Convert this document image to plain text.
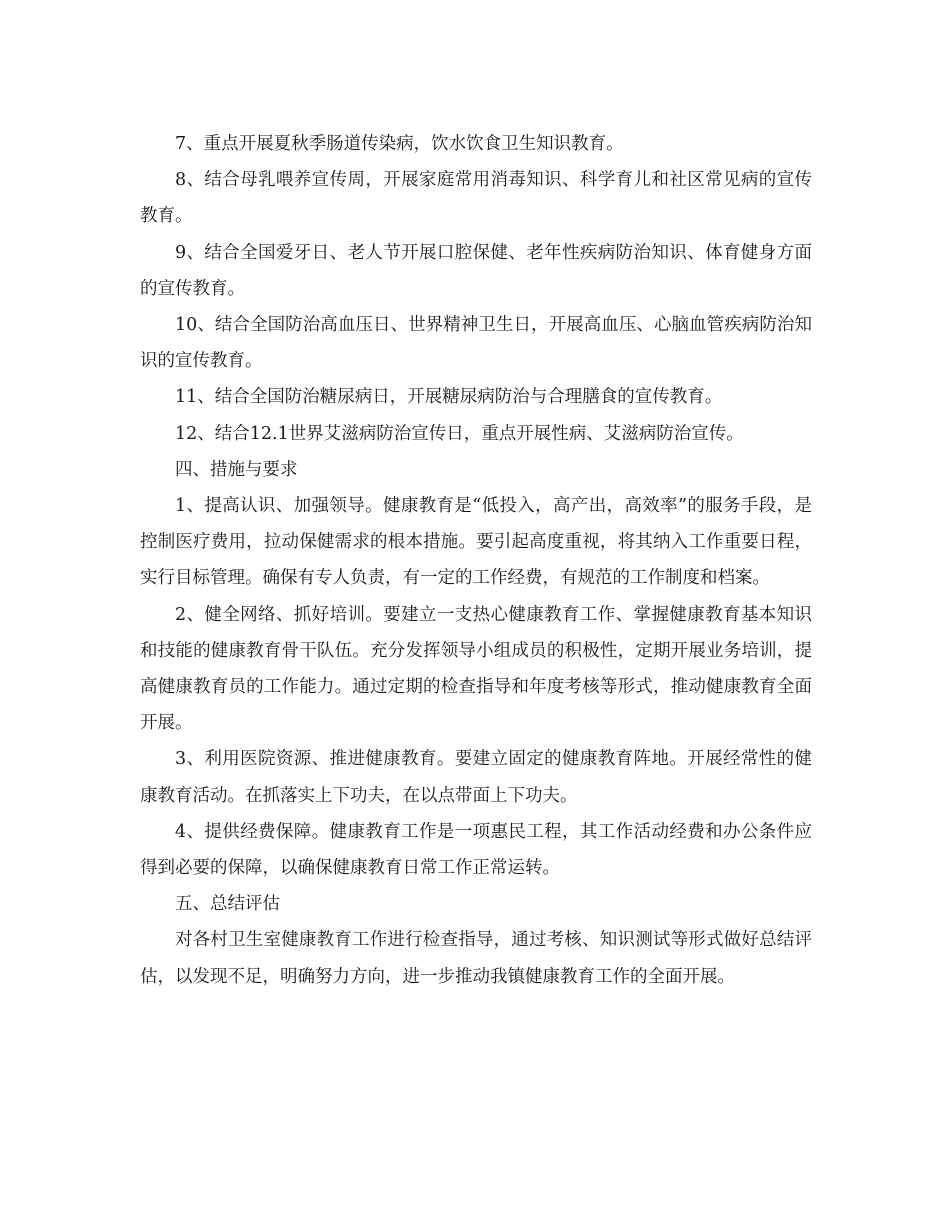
7、重点开展夏秋季肠道传染病，饮水饮食卫生知识教育。

8、结合母乳喂养宣传周，开展家庭常用消毒知识、科学育儿和社区常见病的宣传教育。

9、结合全国爱牙日、老人节开展口腔保健、老年性疾病防治知识、体育健身方面的宣传教育。

10、结合全国防治高血压日、世界精神卫生日，开展高血压、心脑血管疾病防治知识的宣传教育。

11、结合全国防治糖尿病日，开展糖尿病防治与合理膳食的宣传教育。

12、结合12.1世界艾滋病防治宣传日，重点开展性病、艾滋病防治宣传。

四、措施与要求

1、提高认识、加强领导。健康教育是“低投入，高产出，高效率”的服务手段，是控制医疗费用，拉动保健需求的根本措施。要引起高度重视，将其纳入工作重要日程，实行目标管理。确保有专人负责，有一定的工作经费，有规范的工作制度和档案。

2、健全网络、抓好培训。要建立一支热心健康教育工作、掌握健康教育基本知识和技能的健康教育骨干队伍。充分发挥领导小组成员的积极性，定期开展业务培训，提高健康教育员的工作能力。通过定期的检查指导和年度考核等形式，推动健康教育全面开展。

3、利用医院资源、推进健康教育。要建立固定的健康教育阵地。开展经常性的健康教育活动。在抓落实上下功夫，在以点带面上下功夫。

4、提供经费保障。健康教育工作是一项惠民工程，其工作活动经费和办公条件应得到必要的保障，以确保健康教育日常工作正常运转。

五、总结评估

对各村卫生室健康教育工作进行检查指导，通过考核、知识测试等形式做好总结评估，以发现不足，明确努力方向，进一步推动我镇健康教育工作的全面开展。
